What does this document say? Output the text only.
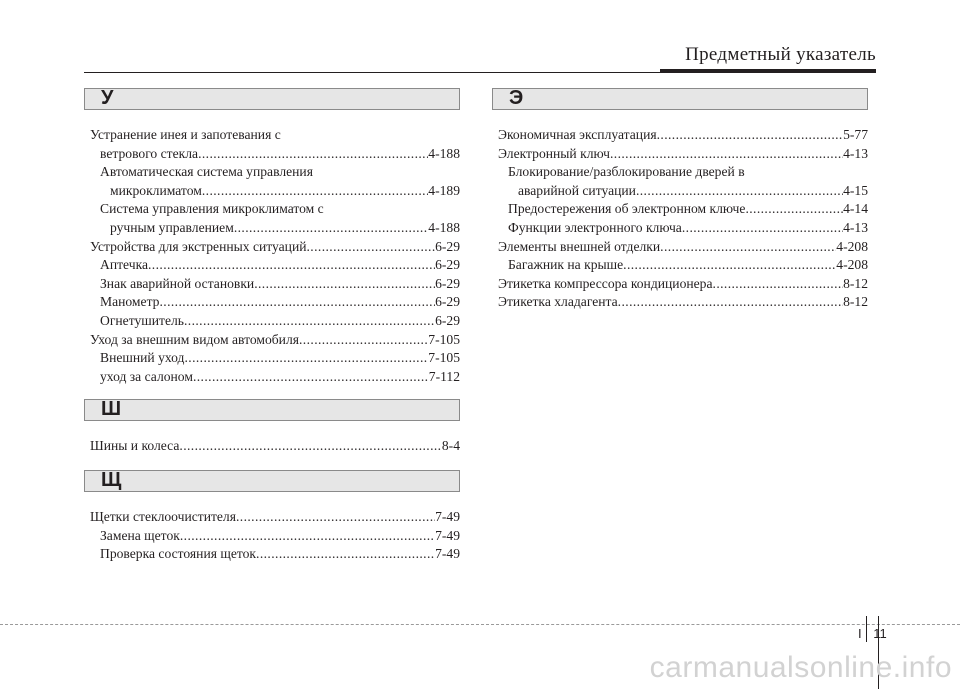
Предметный указатель
У
Устранение инея и запотевания с
ветрового стекла .....	4-188
Автоматическая система управления
микроклиматом .....	4-189
Система управления микроклиматом с
ручным управлением .....	4-188
Устройства для экстренных ситуаций .....	6-29
Аптечка .....	6-29
Знак аварийной остановки .....	6-29
Манометр .....	6-29
Огнетушитель .....	6-29
Уход за внешним видом автомобиля .....	7-105
Внешний уход .....	7-105
уход за салоном .....	7-112
Ш
Шины и колеса .....	8-4
Щ
Щетки стеклоочистителя .....	7-49
Замена щеток .....	7-49
Проверка состояния щеток .....	7-49
Э
Экономичная эксплуатация .....	5-77
Электронный ключ .....	4-13
Блокирование/разблокирование дверей в
аварийной ситуации .....	4-15
Предостережения об электронном ключе .....	4-14
Функции электронного ключа .....	4-13
Элементы внешней отделки .....	4-208
Багажник на крыше .....	4-208
Этикетка компрессора кондиционера .....	8-12
Этикетка хладагента .....	8-12
I 11
carmanualsonline.info
